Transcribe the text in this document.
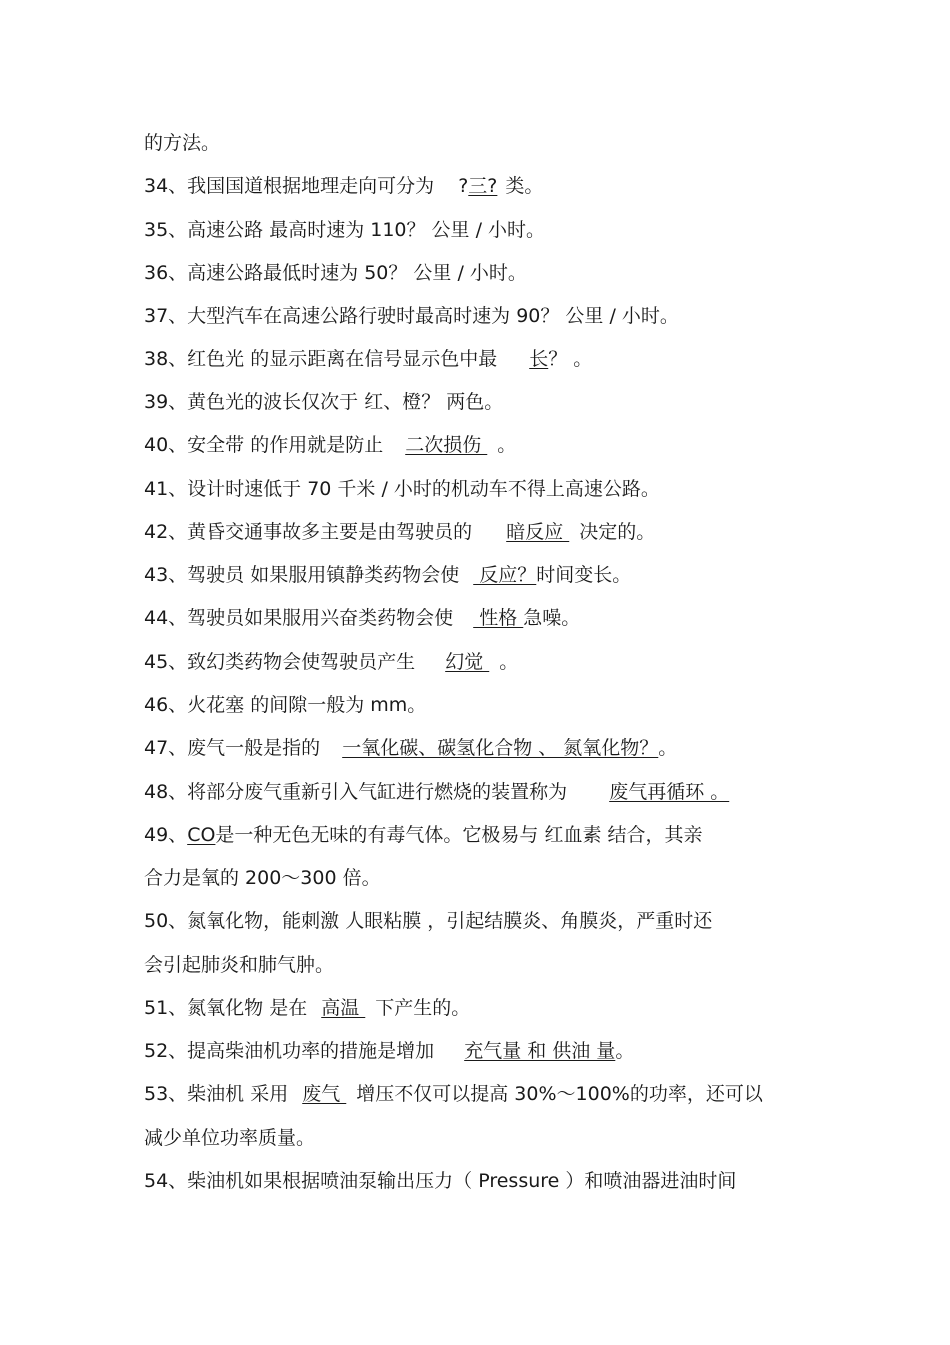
的方法。
34、我国国道根据地理走向可分为 ?三? 类。
35、高速公路 最高时速为 110？ 公里 / 小时。
36、高速公路最低时速为 50？ 公里 / 小时。
37、大型汽车在高速公路行驶时最高时速为 90？ 公里 / 小时。
38、红色光 的显示距离在信号显示色中最 长？ 。
39、黄色光的波长仅次于 红、橙？ 两色。
40、安全带 的作用就是防止 二次损伤 。
41、设计时速低于 70 千米 / 小时的机动车不得上高速公路。
42、黄昏交通事故多主要是由驾驶员的 暗反应 决定的。
43、驾驶员 如果服用镇静类药物会使 反应？时间变长。
44、驾驶员如果服用兴奋类药物会使 性格 急噪。
45、致幻类药物会使驾驶员产生 幻觉 。
46、火花塞 的间隙一般为 mm。
47、废气一般是指的 一氧化碳、碳氢化合物 、 氮氧化物？。
48、将部分废气重新引入气缸进行燃烧的装置称为 废气再循环 。
49、CO是一种无色无味的有毒气体。它极易与 红血素 结合，其亲
合力是氧的 200～300 倍。
50、氮氧化物，能刺激 人眼粘膜 ，引起结膜炎、角膜炎，严重时还
会引起肺炎和肺气肿。
51、氮氧化物 是在 高温 下产生的。
52、提高柴油机功率的措施是增加 充气量 和 供油 量。
53、柴油机 采用 废气 增压不仅可以提高 30%～100%的功率，还可以
减少单位功率质量。
54、柴油机如果根据喷油泵输出压力（ Pressure ）和喷油器进油时间
